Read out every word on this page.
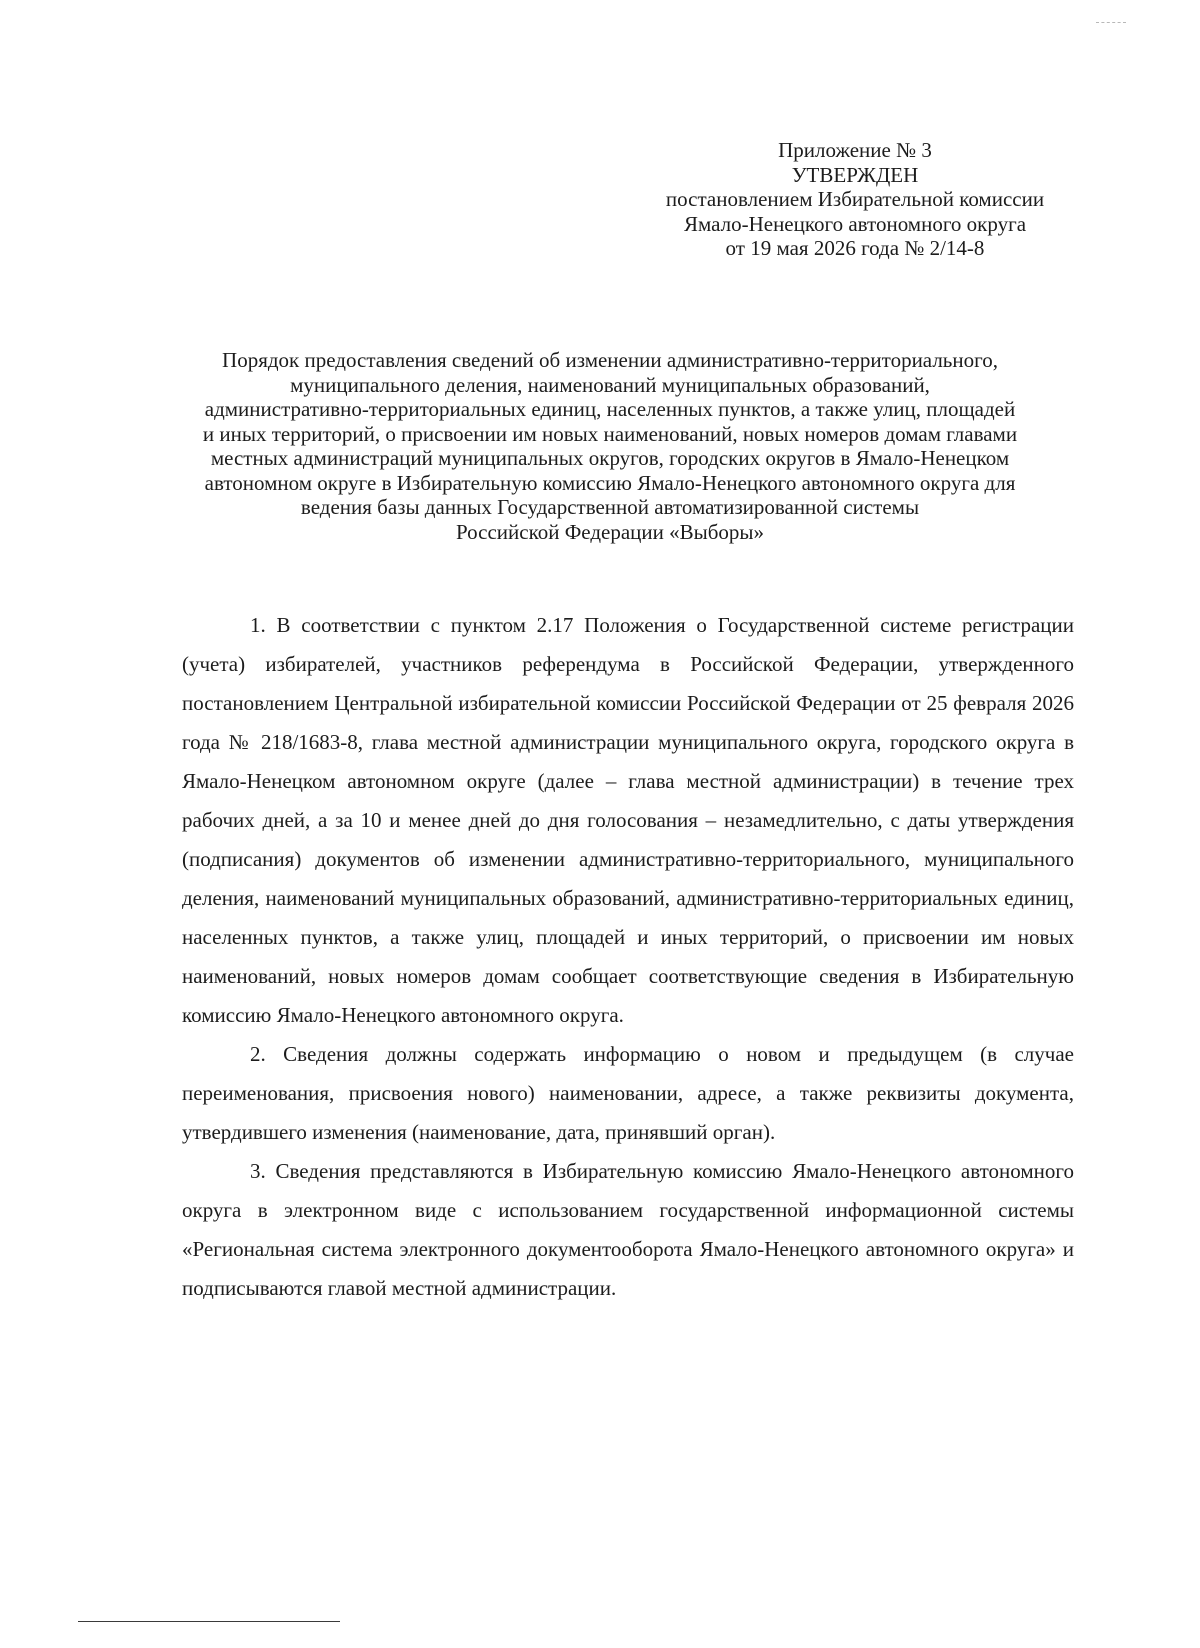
Приложение № 3
УТВЕРЖДЕН
постановлением Избирательной комиссии
Ямало-Ненецкого автономного округа
от 19 мая 2026 года № 2/14-8
Порядок предоставления сведений об изменении административно-территориального,
муниципального деления, наименований муниципальных образований,
административно-территориальных единиц, населенных пунктов, а также улиц, площадей
и иных территорий, о присвоении им новых наименований, новых номеров домам главами
местных администраций муниципальных округов, городских округов в Ямало-Ненецком
автономном округе в Избирательную комиссию Ямало-Ненецкого автономного округа для
ведения базы данных Государственной автоматизированной системы
Российской Федерации «Выборы»

1. В соответствии с пунктом 2.17 Положения о Государственной системе регистрации (учета) избирателей, участников референдума в Российской Федерации, утвержденного постановлением Центральной избирательной комиссии Российской Федерации от 25 февраля 2026 года № 218/1683-8, глава местной администрации муниципального округа, городского округа в Ямало-Ненецком автономном округе (далее – глава местной администрации) в течение трех рабочих дней, а за 10 и менее дней до дня голосования – незамедлительно, с даты утверждения (подписания) документов об изменении административно-территориального, муниципального деления, наименований муниципальных образований, административно-территориальных единиц, населенных пунктов, а также улиц, площадей и иных территорий, о присвоении им новых наименований, новых номеров домам сообщает соответствующие сведения в Избирательную комиссию Ямало-Ненецкого автономного округа.

2. Сведения должны содержать информацию о новом и предыдущем (в случае переименования, присвоения нового) наименовании, адресе, а также реквизиты документа, утвердившего изменения (наименование, дата, принявший орган).

3. Сведения представляются в Избирательную комиссию Ямало-Ненецкого автономного округа в электронном виде с использованием государственной информационной системы «Региональная система электронного документооборота Ямало-Ненецкого автономного округа» и подписываются главой местной администрации.
